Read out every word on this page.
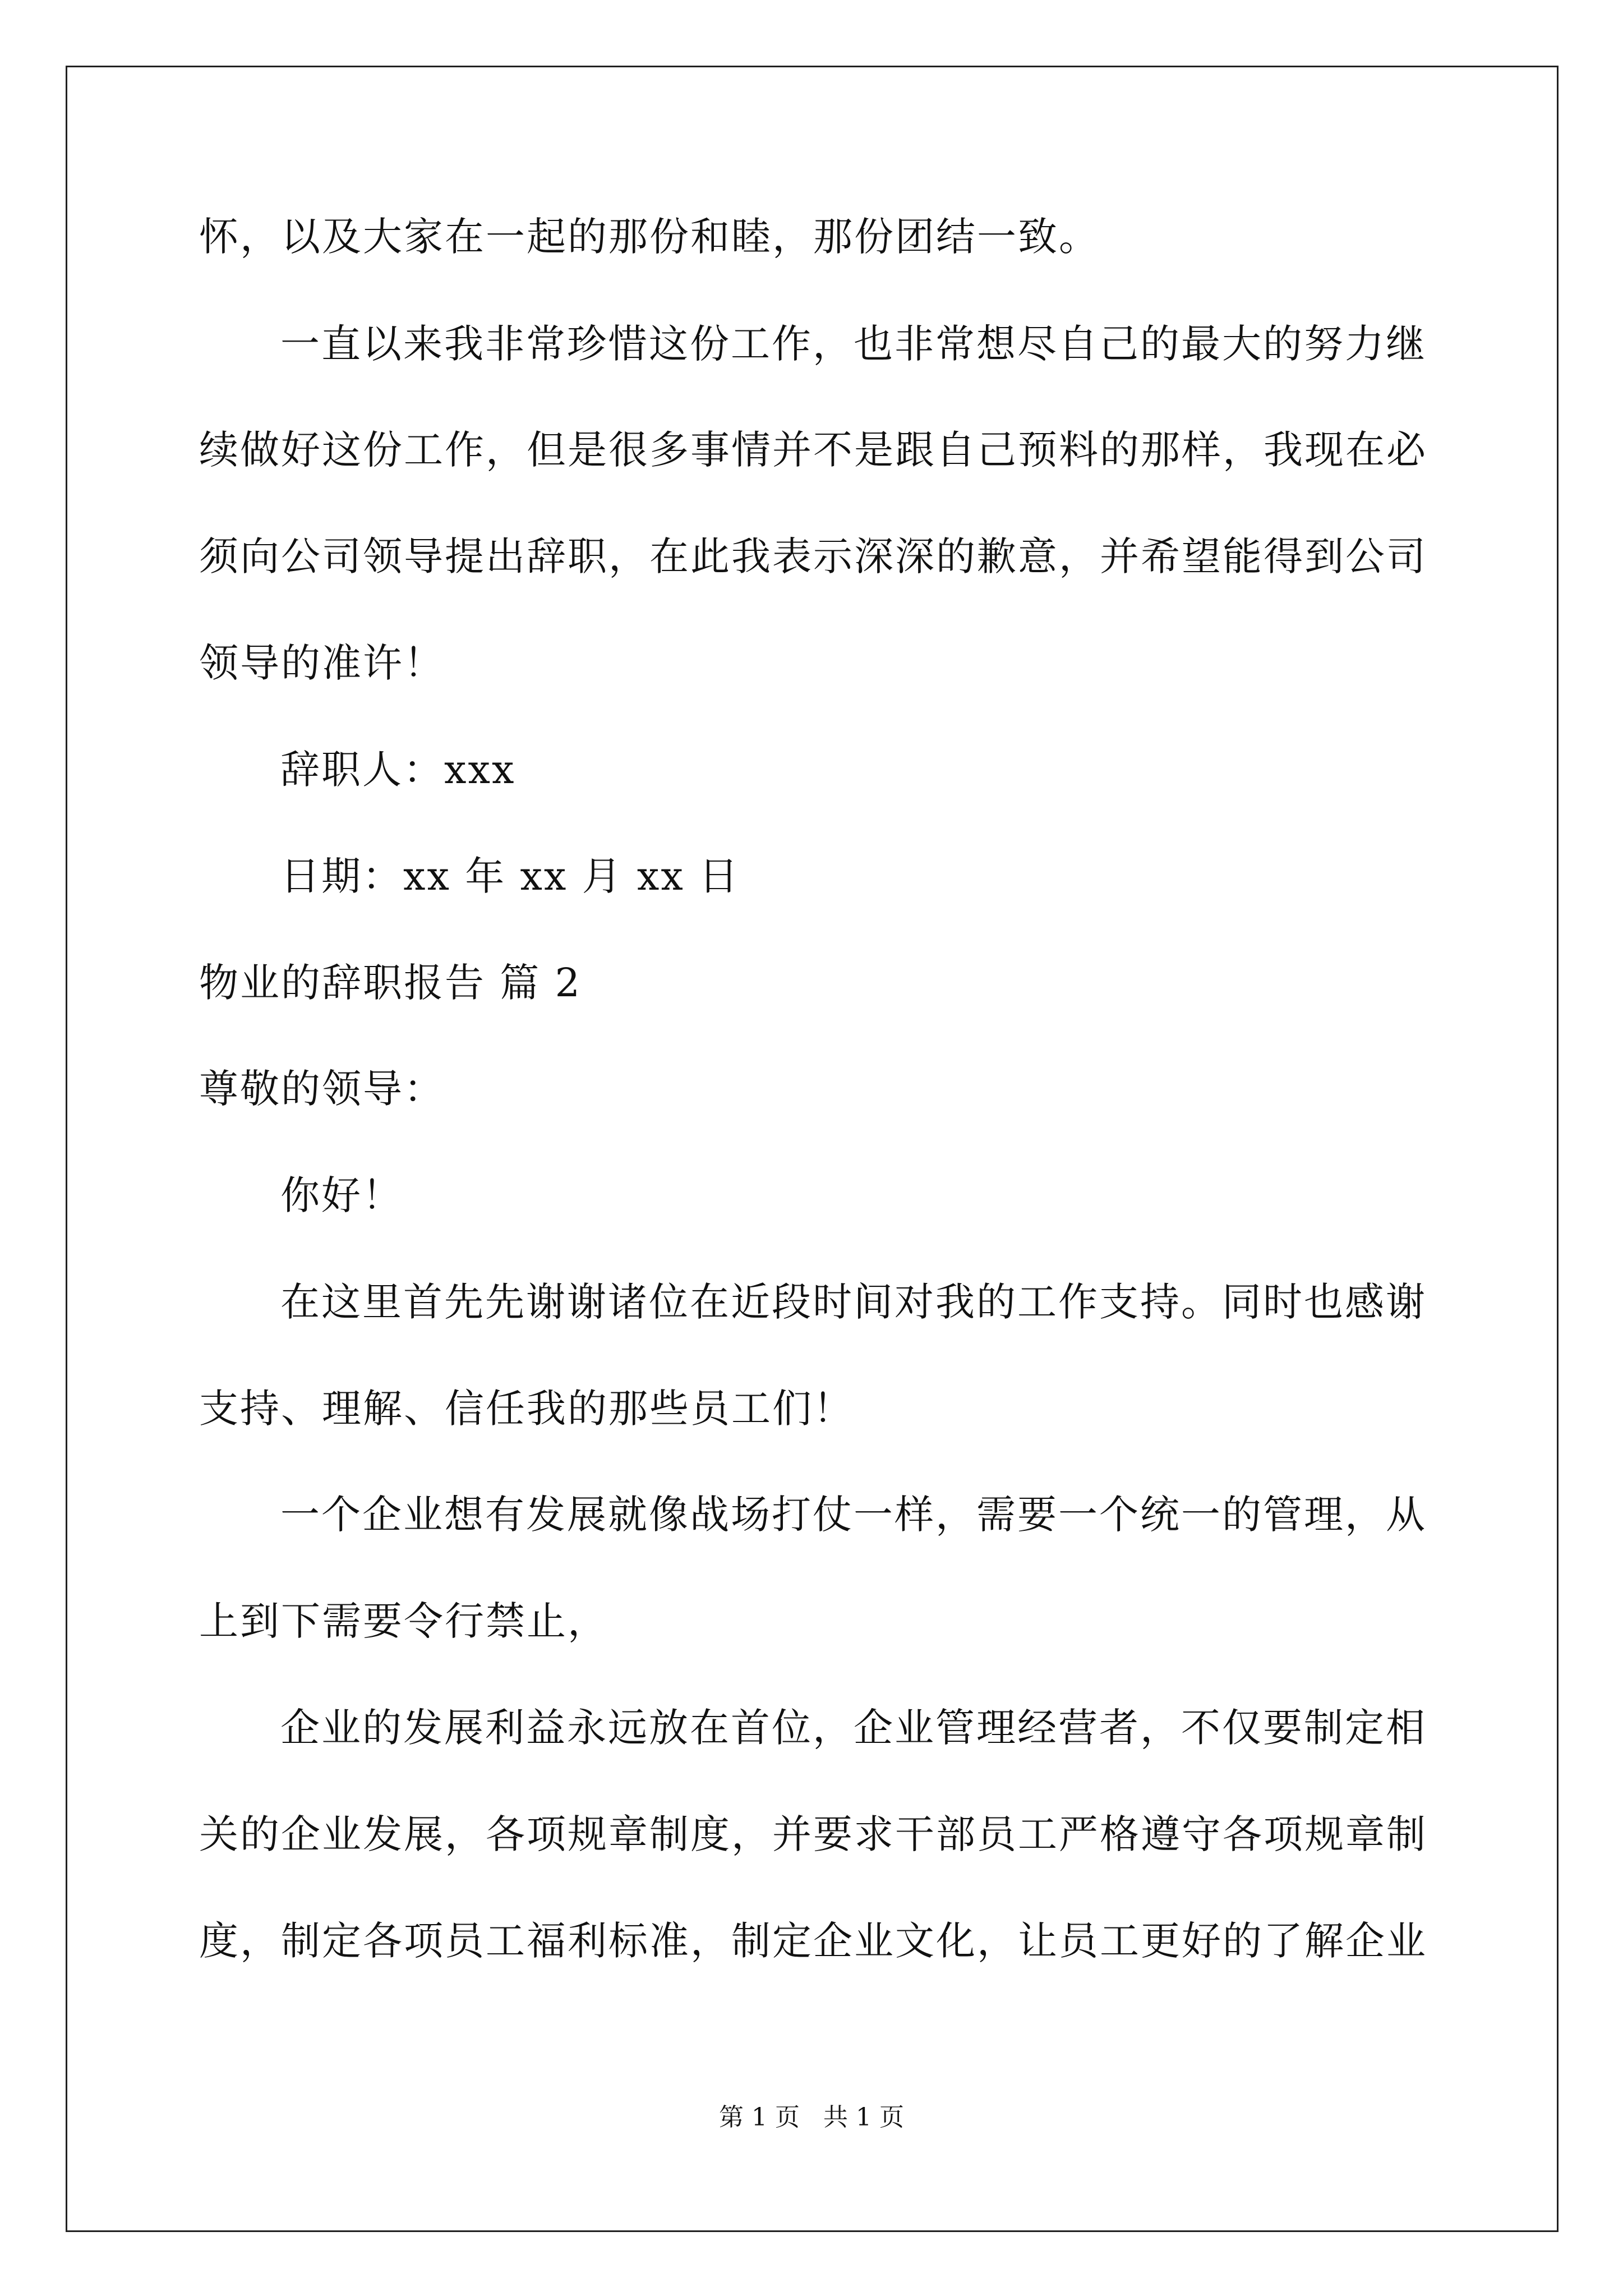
怀，以及大家在一起的那份和睦，那份团结一致。
一直以来我非常珍惜这份工作，也非常想尽自己的最大的努力继
续做好这份工作，但是很多事情并不是跟自己预料的那样，我现在必
须向公司领导提出辞职，在此我表示深深的歉意，并希望能得到公司
领导的准许！
辞职人：xxx
日期：xx 年 xx 月 xx 日
物业的辞职报告 篇 2
尊敬的领导：
你好！
在这里首先先谢谢诸位在近段时间对我的工作支持。同时也感谢
支持、理解、信任我的那些员工们！
一个企业想有发展就像战场打仗一样，需要一个统一的管理，从
上到下需要令行禁止，
企业的发展利益永远放在首位，企业管理经营者，不仅要制定相
关的企业发展，各项规章制度，并要求干部员工严格遵守各项规章制
度，制定各项员工福利标准，制定企业文化，让员工更好的了解企业
第 1 页   共 1 页
